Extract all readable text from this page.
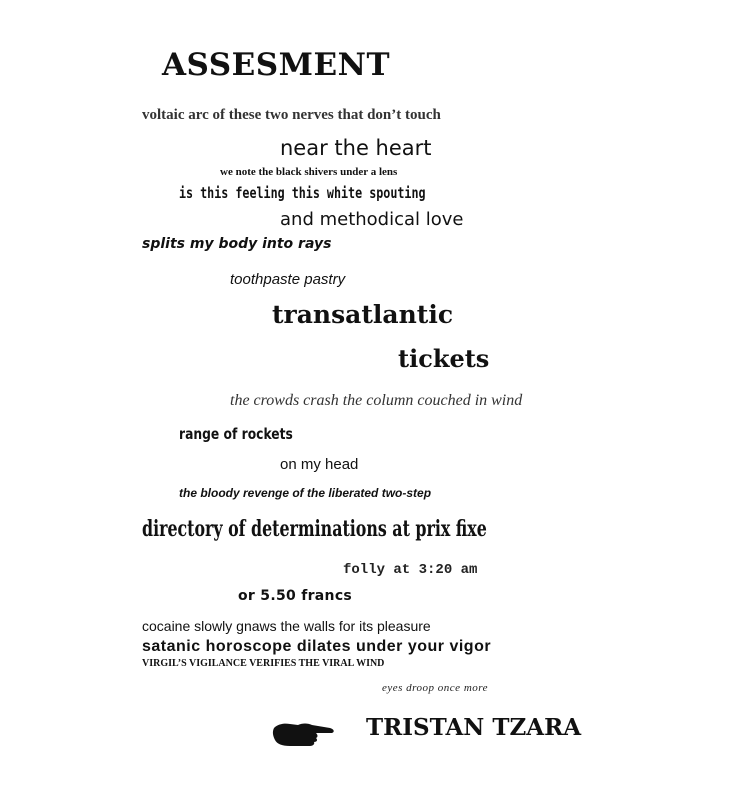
ASSESMENT
voltaic arc of these two nerves that don’t touch
near the heart
we note the black shivers under a lens
is this feeling this white spouting
and methodical love
splits my body into rays
toothpaste pastry
transatlantic
tickets
the crowds crash the column couched in wind
range of rockets
on my head
the bloody revenge of the liberated two-step
directory of determinations at prix fixe
folly at 3:20 am
or 5.50 francs
cocaine slowly gnaws the walls for its pleasure
satanic horoscope dilates under your vigor
VIRGIL’S VIGILANCE VERIFIES THE VIRAL WIND
eyes droop once more
TRISTAN TZARA
